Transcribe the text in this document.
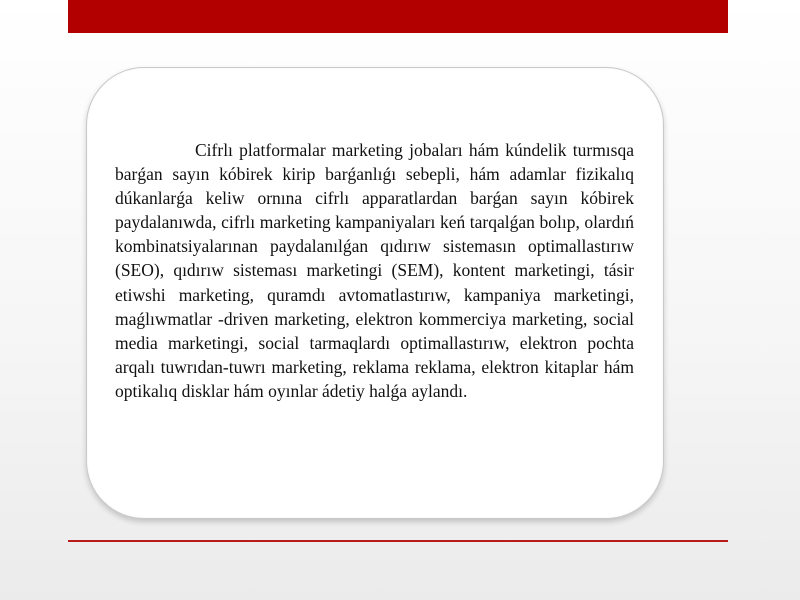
Cifrlı platformalar marketing jobaları hám kúndelik turmısqa barǵan sayın kóbirek kirip barǵanlıǵı sebepli, hám adamlar fizikalıq dúkanlarǵa keliw ornına cifrlı apparatlardan barǵan sayın kóbirek paydalanıwda, cifrlı marketing kampaniyaları keń tarqalǵan bolıp, olardıń kombinatsiyalarınan paydalanılǵan qıdırıw sistemasın optimallastırıw (SEO), qıdırıw sisteması marketingi (SEM), kontent marketingi, tásir etiwshi marketing, quramdı avtomatlastırıw, kampaniya marketingi, maǵlıwmatlar -driven marketing, elektron kommerciya marketing, social media marketingi, social tarmaqlardı optimallastırıw, elektron pochta arqalı tuwrıdan-tuwrı marketing, reklama reklama, elektron kitaplar hám optikalıq disklar hám oyınlar ádetiy halǵa aylandı.
